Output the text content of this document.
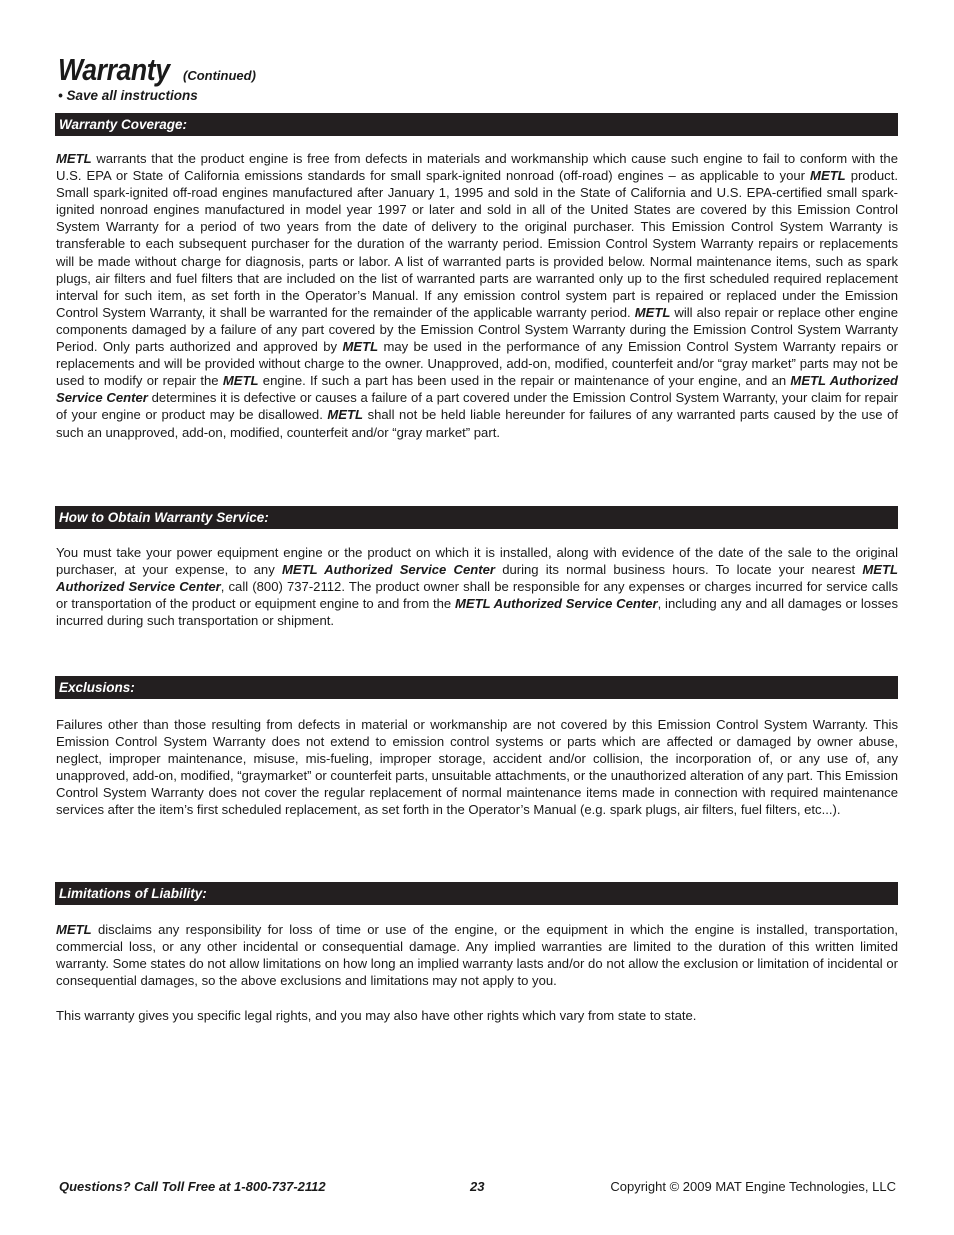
Warranty (Continued)
• Save all instructions
Warranty Coverage:
METL warrants that the product engine is free from defects in materials and workmanship which cause such engine to fail to conform with the U.S. EPA or State of California emissions standards for small spark-ignited nonroad (off-road) engines – as applicable to your METL product. Small spark-ignited off-road engines manufactured after January 1, 1995 and sold in the State of California and U.S. EPA-certified small spark-ignited nonroad engines manufactured in model year 1997 or later and sold in all of the United States are covered by this Emission Control System Warranty for a period of two years from the date of delivery to the original purchaser. This Emission Control System Warranty is transferable to each subsequent purchaser for the duration of the warranty period. Emission Control System Warranty repairs or replacements will be made without charge for diagnosis, parts or labor. A list of warranted parts is provided below. Normal maintenance items, such as spark plugs, air filters and fuel filters that are included on the list of warranted parts are warranted only up to the first scheduled required replacement interval for such item, as set forth in the Operator’s Manual. If any emission control system part is repaired or replaced under the Emission Control System Warranty, it shall be warranted for the remainder of the applicable warranty period. METL will also repair or replace other engine components damaged by a failure of any part covered by the Emission Control System Warranty during the Emission Control System Warranty Period. Only parts authorized and approved by METL may be used in the performance of any Emission Control System Warranty repairs or replacements and will be provided without charge to the owner. Unapproved, add-on, modified, counterfeit and/or “gray market” parts may not be used to modify or repair the METL engine. If such a part has been used in the repair or maintenance of your engine, and an METL Authorized Service Center determines it is defective or causes a failure of a part covered under the Emission Control System Warranty, your claim for repair of your engine or product may be disallowed. METL shall not be held liable hereunder for failures of any warranted parts caused by the use of such an unapproved, add-on, modified, counterfeit and/or “gray market” part.
How to Obtain Warranty Service:
You must take your power equipment engine or the product on which it is installed, along with evidence of the date of the sale to the original purchaser, at your expense, to any METL Authorized Service Center during its normal business hours. To locate your nearest METL Authorized Service Center, call (800) 737-2112. The product owner shall be responsible for any expenses or charges incurred for service calls or transportation of the product or equipment engine to and from the METL Authorized Service Center, including any and all damages or losses incurred during such transportation or shipment.
Exclusions:
Failures other than those resulting from defects in material or workmanship are not covered by this Emission Control System Warranty. This Emission Control System Warranty does not extend to emission control systems or parts which are affected or damaged by owner abuse, neglect, improper maintenance, misuse, mis-fueling, improper storage, accident and/or collision, the incorporation of, or any use of, any unapproved, add-on, modified, “graymarket” or counterfeit parts, unsuitable attachments, or the unauthorized alteration of any part. This Emission Control System Warranty does not cover the regular replacement of normal maintenance items made in connection with required maintenance services after the item’s first scheduled replacement, as set forth in the Operator’s Manual (e.g. spark plugs, air filters, fuel filters, etc...).
Limitations of Liability:
METL disclaims any responsibility for loss of time or use of the engine, or the equipment in which the engine is installed, transportation, commercial loss, or any other incidental or consequential damage. Any implied warranties are limited to the duration of this written limited warranty. Some states do not allow limitations on how long an implied warranty lasts and/or do not allow the exclusion or limitation of incidental or consequential damages, so the above exclusions and limitations may not apply to you.
This warranty gives you specific legal rights, and you may also have other rights which vary from state to state.
Questions? Call Toll Free at 1-800-737-2112	23	Copyright © 2009 MAT Engine Technologies, LLC
